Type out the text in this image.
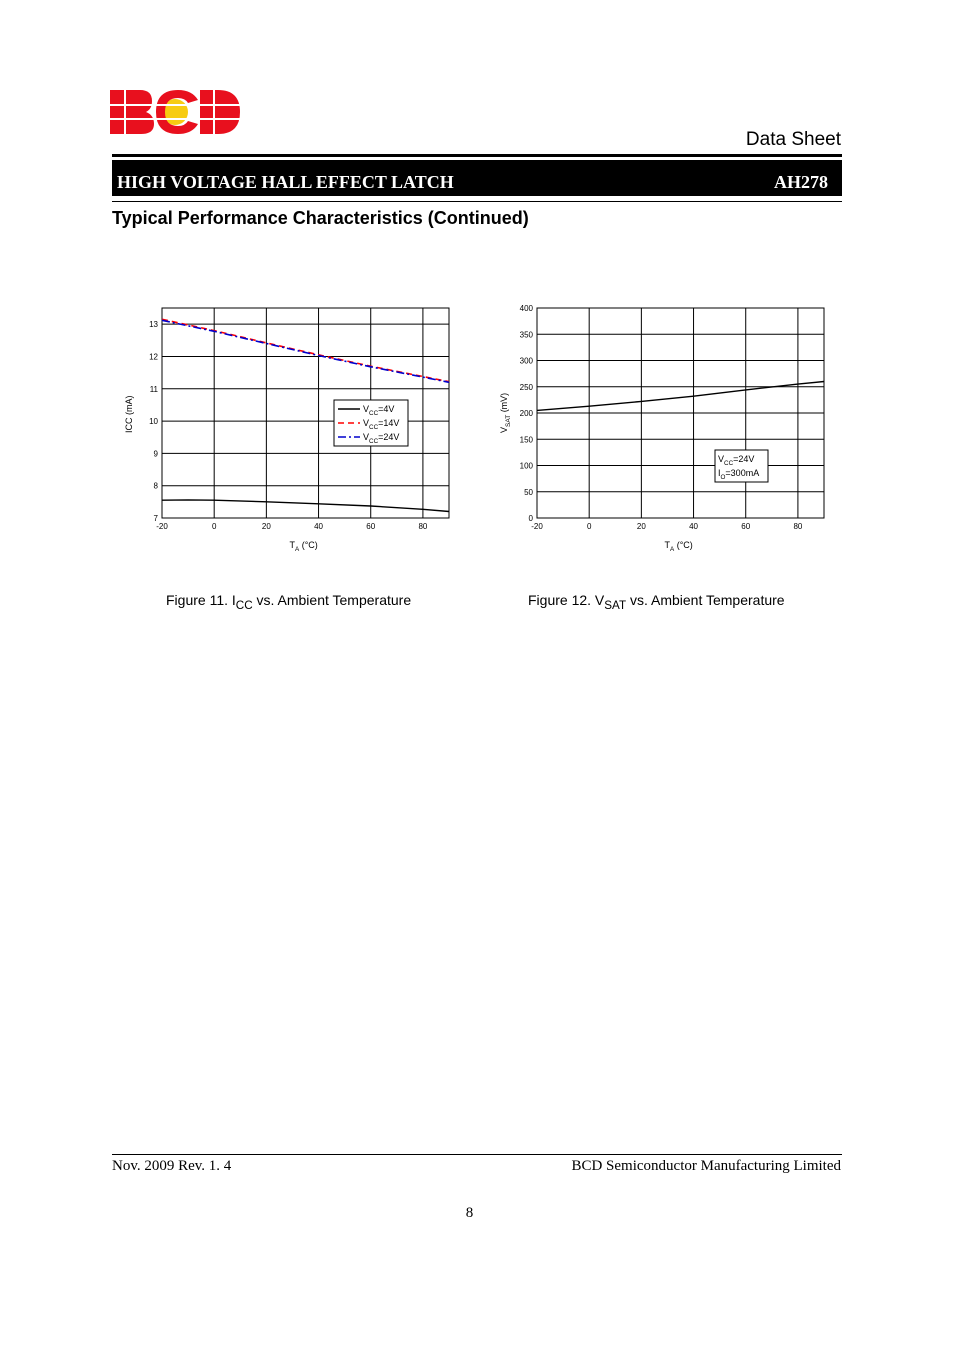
Data Sheet
HIGH VOLTAGE HALL EFFECT LATCH	AH278
Typical Performance Characteristics (Continued)
-20	0	20	40	60	80
7
8
9
10
11
12
13
$T_A$ (°C)
ICC (mA)	$V_{CC}=4V$
$V_{CC}=14V$
$V_{CC}=24V$
-20	0	20	40	60	80
0
50
100
150
200
250
300
350
400
$T_A$ (°C)
$V_{SAT}$ (mV)
$V_{CC}=24V$
$I_O=300mA$
Figure 11. $I_{CC}$ vs. Ambient Temperature	Figure 12. $V_{SAT}$ vs. Ambient Temperature
Nov. 2009 Rev. 1. 4	BCD Semiconductor Manufacturing Limited
8
